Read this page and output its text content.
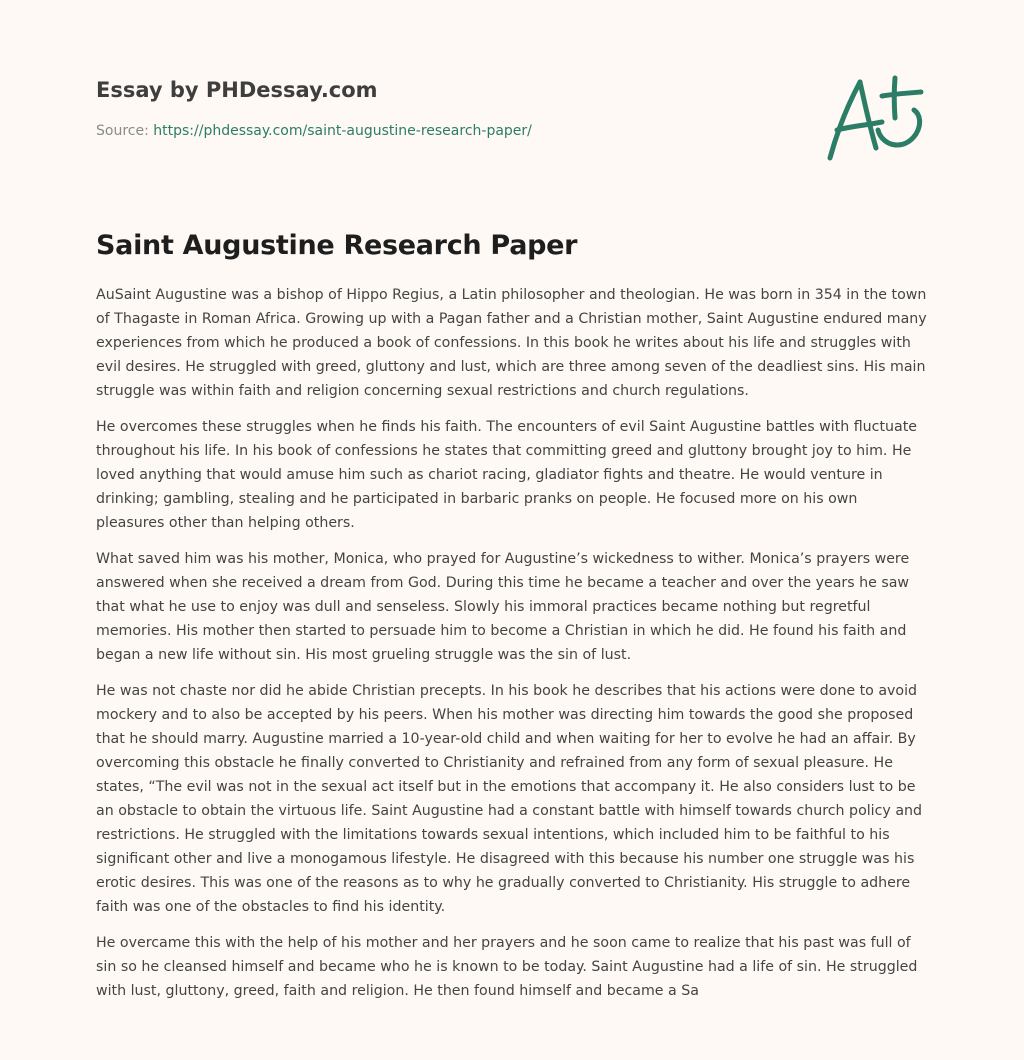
Essay by PHDessay.com
Source: https://phdessay.com/saint-augustine-research-paper/
Saint Augustine Research Paper

AuSaint Augustine was a bishop of Hippo Regius, a Latin philosopher and theologian. He was born in 354 in the town of Thagaste in Roman Africa. Growing up with a Pagan father and a Christian mother, Saint Augustine endured many experiences from which he produced a book of confessions. In this book he writes about his life and struggles with evil desires. He struggled with greed, gluttony and lust, which are three among seven of the deadliest sins. His main struggle was within faith and religion concerning sexual restrictions and church regulations.

He overcomes these struggles when he finds his faith. The encounters of evil Saint Augustine battles with fluctuate throughout his life. In his book of confessions he states that committing greed and gluttony brought joy to him. He loved anything that would amuse him such as chariot racing, gladiator fights and theatre. He would venture in drinking; gambling, stealing and he participated in barbaric pranks on people. He focused more on his own pleasures other than helping others.

What saved him was his mother, Monica, who prayed for Augustine’s wickedness to wither. Monica’s prayers were answered when she received a dream from God. During this time he became a teacher and over the years he saw that what he use to enjoy was dull and senseless. Slowly his immoral practices became nothing but regretful memories. His mother then started to persuade him to become a Christian in which he did. He found his faith and began a new life without sin. His most grueling struggle was the sin of lust.

He was not chaste nor did he abide Christian precepts. In his book he describes that his actions were done to avoid mockery and to also be accepted by his peers. When his mother was directing him towards the good she proposed that he should marry. Augustine married a 10-year-old child and when waiting for her to evolve he had an affair. By overcoming this obstacle he finally converted to Christianity and refrained from any form of sexual pleasure. He states, “The evil was not in the sexual act itself but in the emotions that accompany it. He also considers lust to be an obstacle to obtain the virtuous life. Saint Augustine had a constant battle with himself towards church policy and restrictions. He struggled with the limitations towards sexual intentions, which included him to be faithful to his significant other and live a monogamous lifestyle. He disagreed with this because his number one struggle was his erotic desires. This was one of the reasons as to why he gradually converted to Christianity. His struggle to adhere faith was one of the obstacles to find his identity.

He overcame this with the help of his mother and her prayers and he soon came to realize that his past was full of sin so he cleansed himself and became who he is known to be today. Saint Augustine had a life of sin. He struggled with lust, gluttony, greed, faith and religion. He then found himself and became a Sa
